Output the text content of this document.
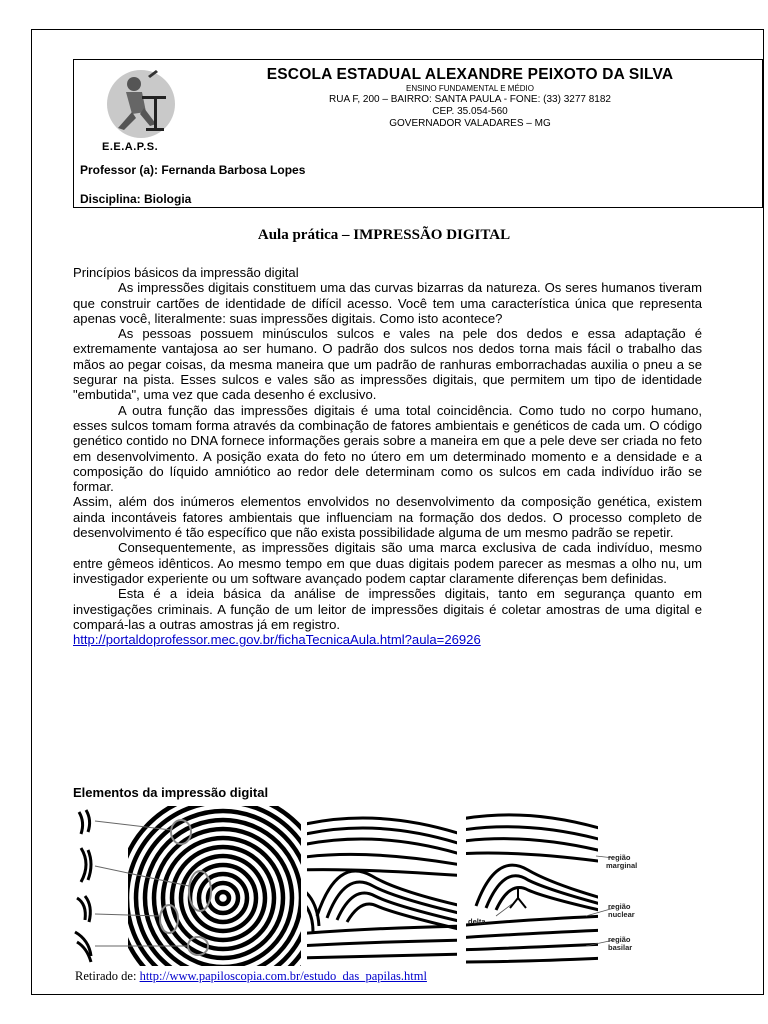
E.E.A.P.S.
ESCOLA ESTADUAL ALEXANDRE PEIXOTO DA SILVA
ENSINO FUNDAMENTAL E MÉDIO
RUA F, 200 – BAIRRO: SANTA PAULA - FONE: (33) 3277 8182
CEP. 35.054-560
GOVERNADOR VALADARES – MG
Professor (a): Fernanda Barbosa Lopes
Disciplina: Biologia
Aula prática – IMPRESSÃO DIGITAL

Princípios básicos da impressão digital

As impressões digitais constituem uma das curvas bizarras da natureza. Os seres humanos tiveram que construir cartões de identidade de difícil acesso. Você tem uma característica única que representa apenas você, literalmente: suas impressões digitais. Como isto acontece?

As pessoas possuem minúsculos sulcos e vales na pele dos dedos e essa adaptação é extremamente vantajosa ao ser humano. O padrão dos sulcos nos dedos torna mais fácil o trabalho das mãos ao pegar coisas, da mesma maneira que um padrão de ranhuras emborrachadas auxilia o pneu a se segurar na pista. Esses sulcos e vales são as impressões digitais, que permitem um tipo de identidade "embutida", uma vez que cada desenho é exclusivo.

A outra função das impressões digitais é uma total coincidência. Como tudo no corpo humano, esses sulcos tomam forma através da combinação de fatores ambientais e genéticos de cada um. O código genético contido no DNA fornece informações gerais sobre a maneira em que a pele deve ser criada no feto em desenvolvimento. A posição exata do feto no útero em um determinado momento e a densidade e a composição do líquido amniótico ao redor dele determinam como os sulcos em cada indivíduo irão se formar.

Assim, além dos inúmeros elementos envolvidos no desenvolvimento da composição genética, existem ainda incontáveis fatores ambientais que influenciam na formação dos dedos. O processo completo de desenvolvimento é tão específico que não exista possibilidade alguma de um mesmo padrão se repetir.

Consequentemente, as impressões digitais são uma marca exclusiva de cada indivíduo, mesmo entre gêmeos idênticos. Ao mesmo tempo em que duas digitais podem parecer as mesmas a olho nu, um investigador experiente ou um software avançado podem captar claramente diferenças bem definidas.

Esta é a ideia básica da análise de impressões digitais, tanto em segurança quanto em investigações criminais. A função de um leitor de impressões digitais é coletar amostras de uma digital e compará-las a outras amostras já em registro.

http://portaldoprofessor.mec.gov.br/fichaTecnicaAula.html?aula=26926

Elementos da impressão digital
região
marginal
região
nuclear
região
basilar
delta
Retirado de: http://www.papiloscopia.com.br/estudo_das_papilas.html
